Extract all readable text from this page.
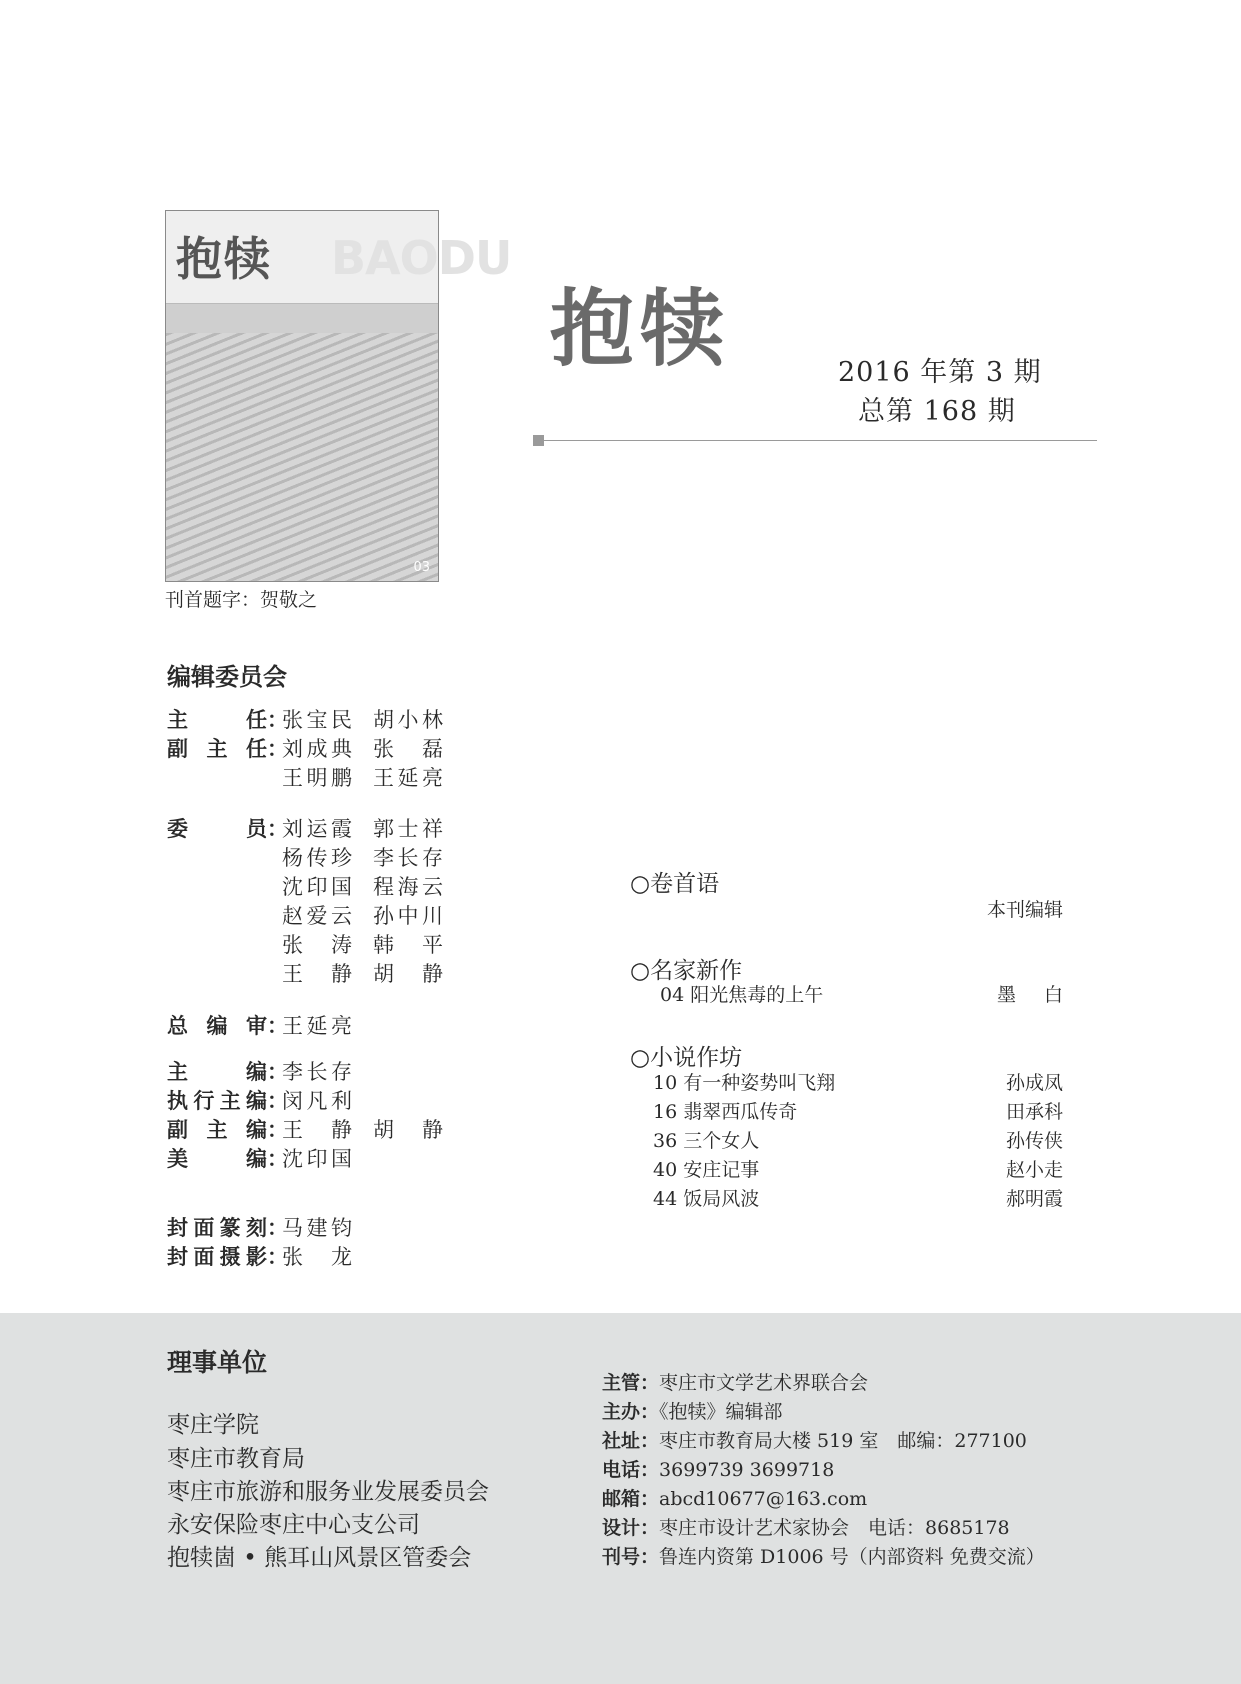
抱犊 BAODU
03
刊首题字：贺敬之
抱犊	2016 年第 3 期
总第 168 期
编辑委员会
主任 ：
张宝民 胡小林
副主任 ：
刘成典 张磊
王明鹏 王延亮
委员 ：
刘运霞 郭士祥
杨传珍 李长存
沈印国 程海云
赵爱云 孙中川
张涛 韩平
王静 胡静
总编审 ：
王延亮
主编 ：
李长存
执行主编 ：
闵凡利
副主编 ：
王静 胡静
美编 ：
沈印国
封面篆刻 ：
马建钧
封面摄影 ：
张龙
○卷首语
本刊编辑
○名家新作
04 阳光焦毒的上午	墨白
○小说作坊
10 有一种姿势叫飞翔	孙成凤
16 翡翠西瓜传奇	田承科
36 三个女人	孙传侠
40 安庄记事	赵小走
44 饭局风波	郝明霞
理事单位
枣庄学院
枣庄市教育局
枣庄市旅游和服务业发展委员会
永安保险枣庄中心支公司
抱犊崮 • 熊耳山风景区管委会
主管：枣庄市文学艺术界联合会
主办：《抱犊》编辑部
社址：枣庄市教育局大楼 519 室　邮编：277100
电话：3699739 3699718
邮箱：abcd10677@163.com
设计：枣庄市设计艺术家协会　电话：8685178
刊号：鲁连内资第 D1006 号（内部资料 免费交流）
